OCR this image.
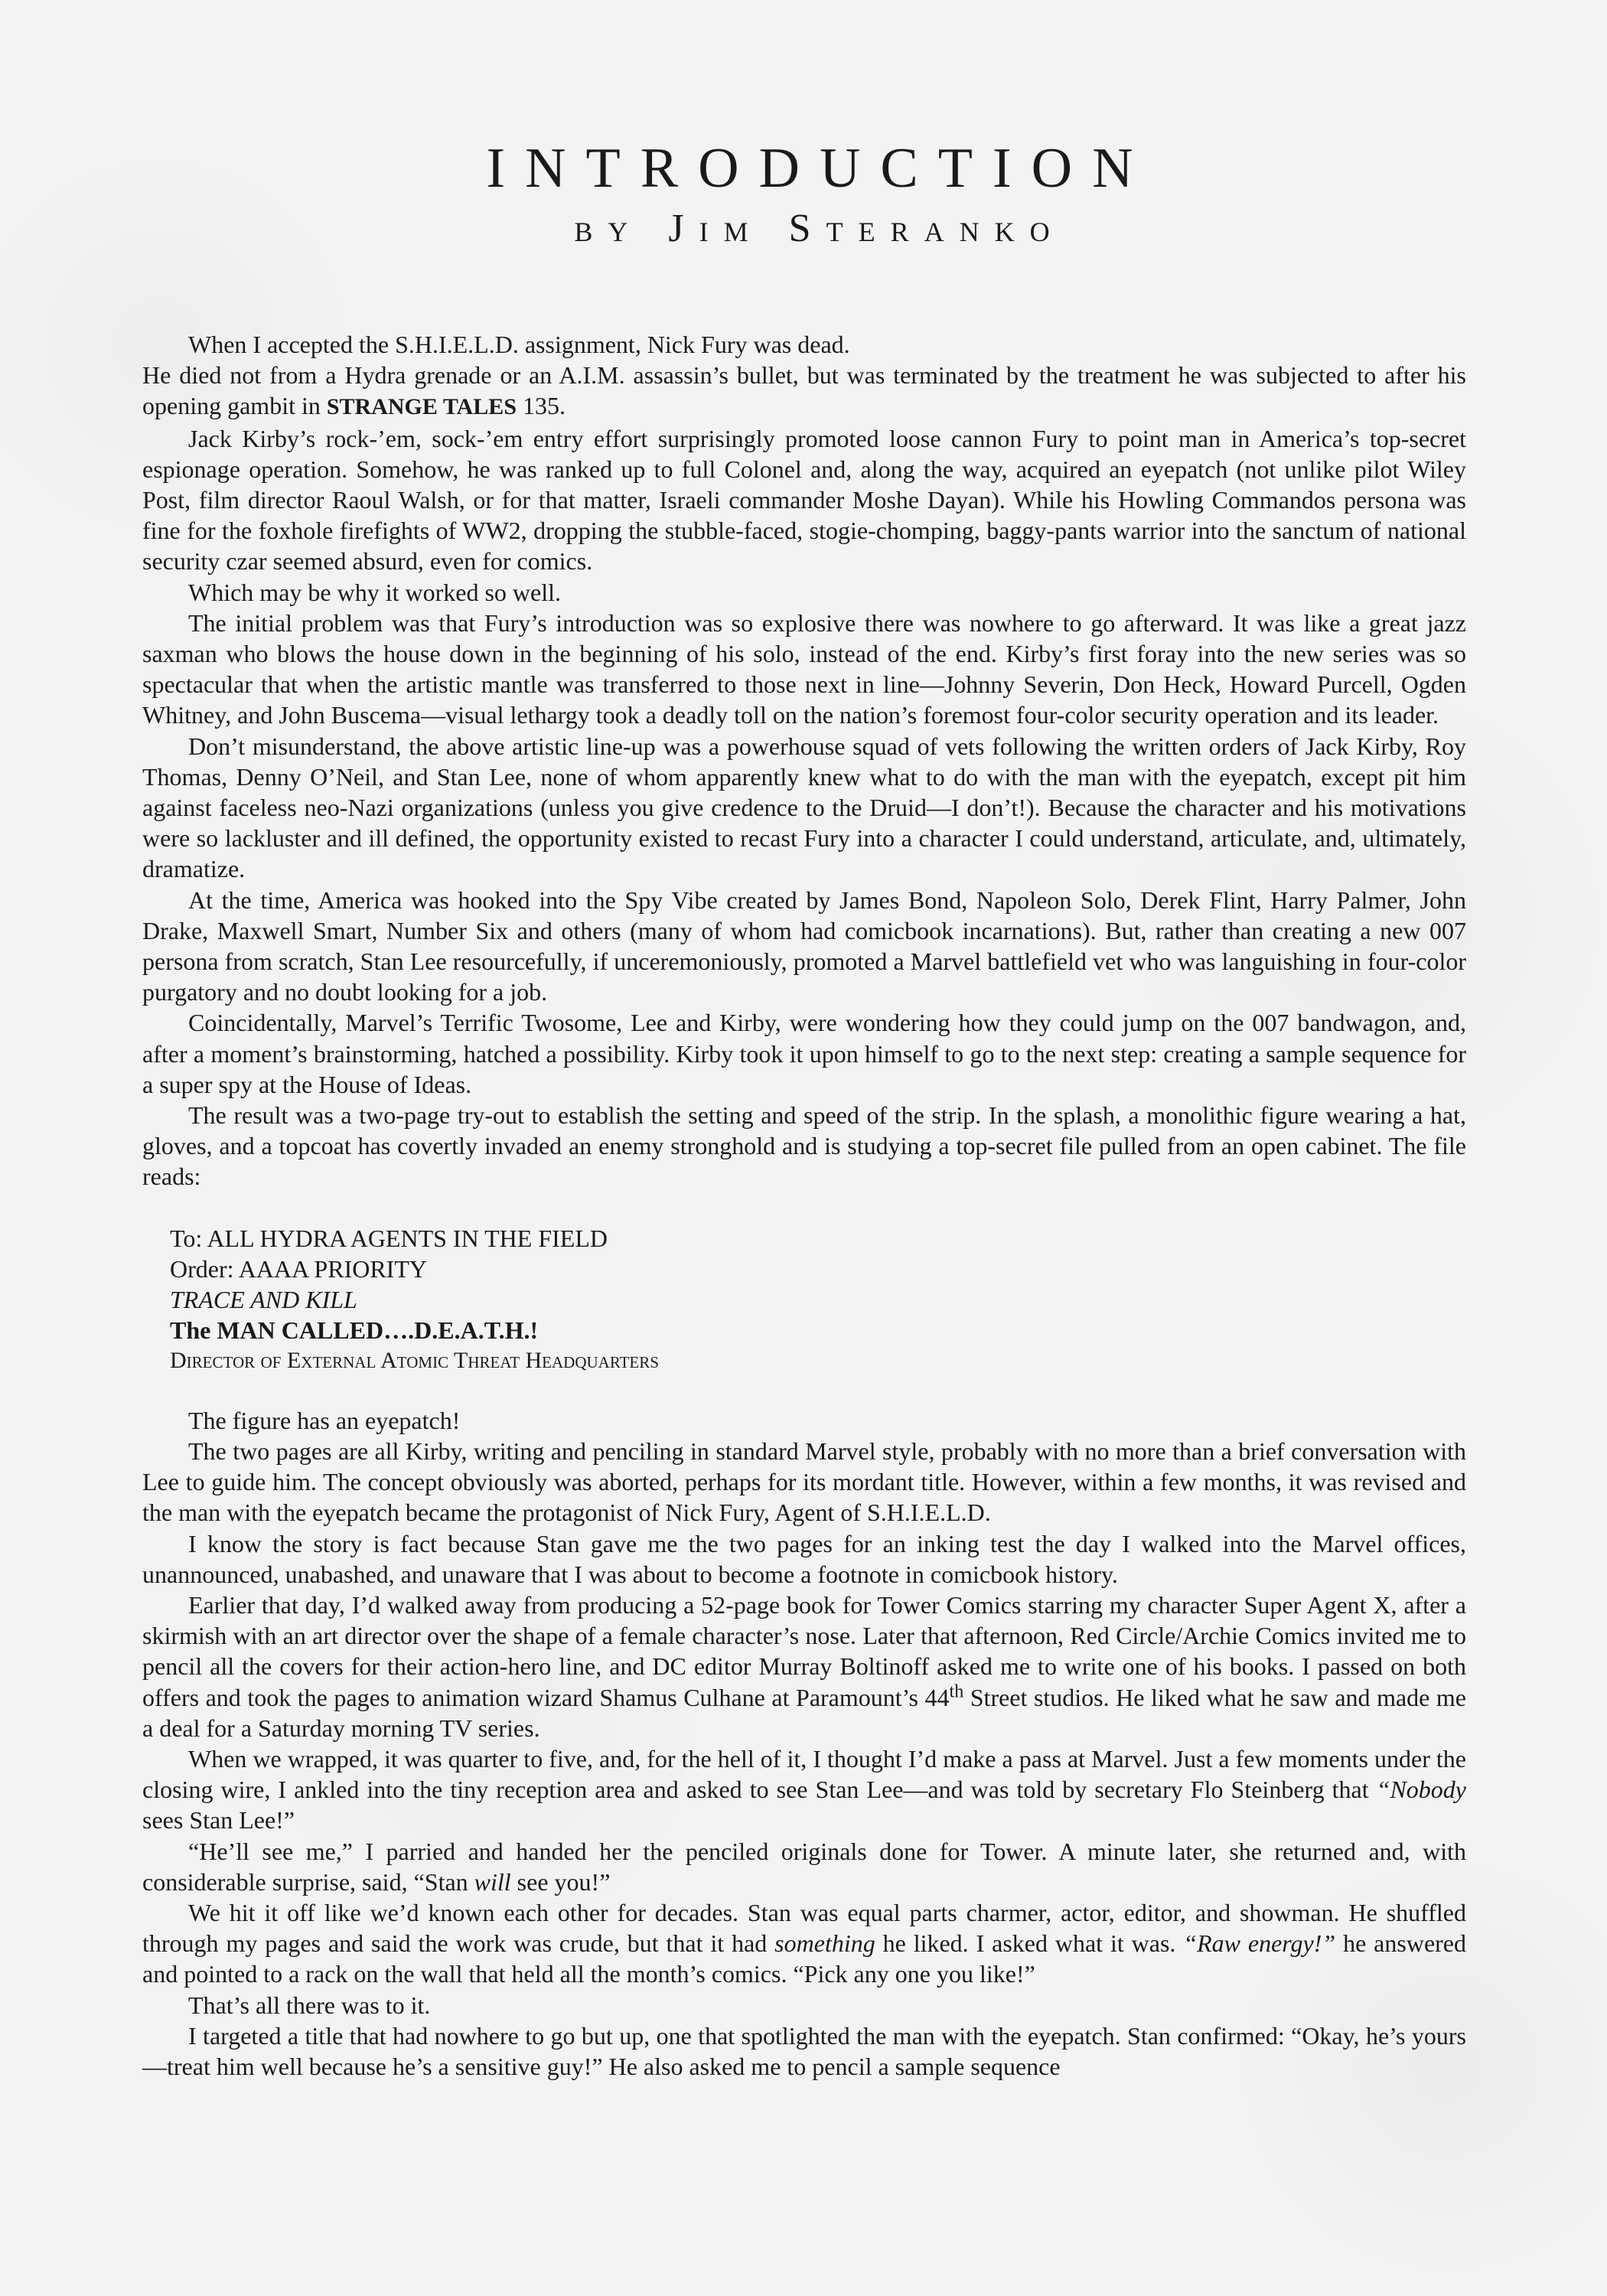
INTRODUCTION
by Jim Steranko

When I accepted the S.H.I.E.L.D. assignment, Nick Fury was dead.

He died not from a Hydra grenade or an A.I.M. assassin’s bullet, but was terminated by the treatment he was subjected to after his opening gambit in STRANGE TALES 135.

Jack Kirby’s rock-’em, sock-’em entry effort surprisingly promoted loose cannon Fury to point man in America’s top-secret espionage operation. Somehow, he was ranked up to full Colonel and, along the way, acquired an eyepatch (not unlike pilot Wiley Post, film director Raoul Walsh, or for that matter, Israeli commander Moshe Dayan). While his Howling Commandos persona was fine for the foxhole firefights of WW2, dropping the stubble-faced, stogie-chomping, baggy-pants warrior into the sanctum of national security czar seemed absurd, even for comics.

Which may be why it worked so well.

The initial problem was that Fury’s introduction was so explosive there was nowhere to go afterward. It was like a great jazz saxman who blows the house down in the beginning of his solo, instead of the end. Kirby’s first foray into the new series was so spectacular that when the artistic mantle was transferred to those next in line—Johnny Severin, Don Heck, Howard Purcell, Ogden Whitney, and John Buscema—visual lethargy took a deadly toll on the nation’s foremost four-color security operation and its leader.

Don’t misunderstand, the above artistic line-up was a powerhouse squad of vets following the written orders of Jack Kirby, Roy Thomas, Denny O’Neil, and Stan Lee, none of whom apparently knew what to do with the man with the eyepatch, except pit him against faceless neo-Nazi organizations (unless you give credence to the Druid—I don’t!). Because the character and his motivations were so lackluster and ill defined, the opportunity existed to recast Fury into a character I could understand, articulate, and, ultimately, dramatize.

At the time, America was hooked into the Spy Vibe created by James Bond, Napoleon Solo, Derek Flint, Harry Palmer, John Drake, Maxwell Smart, Number Six and others (many of whom had comicbook incarnations). But, rather than creating a new 007 persona from scratch, Stan Lee resourcefully, if unceremoniously, promoted a Marvel battlefield vet who was languishing in four-color purgatory and no doubt looking for a job.

Coincidentally, Marvel’s Terrific Twosome, Lee and Kirby, were wondering how they could jump on the 007 bandwagon, and, after a moment’s brainstorming, hatched a possibility. Kirby took it upon himself to go to the next step: creating a sample sequence for a super spy at the House of Ideas.

The result was a two-page try-out to establish the setting and speed of the strip. In the splash, a monolithic figure wearing a hat, gloves, and a topcoat has covertly invaded an enemy stronghold and is studying a top-secret file pulled from an open cabinet. The file reads:

To: ALL HYDRA AGENTS IN THE FIELD
Order: AAAA PRIORITY
TRACE AND KILL
The MAN CALLED….D.E.A.T.H.!
Director of External Atomic Threat Headquarters

The figure has an eyepatch!

The two pages are all Kirby, writing and penciling in standard Marvel style, probably with no more than a brief conversation with Lee to guide him. The concept obviously was aborted, perhaps for its mordant title. However, within a few months, it was revised and the man with the eyepatch became the protagonist of Nick Fury, Agent of S.H.I.E.L.D.

I know the story is fact because Stan gave me the two pages for an inking test the day I walked into the Marvel offices, unannounced, unabashed, and unaware that I was about to become a footnote in comicbook history.

Earlier that day, I’d walked away from producing a 52-page book for Tower Comics starring my character Super Agent X, after a skirmish with an art director over the shape of a female character’s nose. Later that afternoon, Red Circle/Archie Comics invited me to pencil all the covers for their action-hero line, and DC editor Murray Boltinoff asked me to write one of his books. I passed on both offers and took the pages to animation wizard Shamus Culhane at Paramount’s 44th Street studios. He liked what he saw and made me a deal for a Saturday morning TV series.

When we wrapped, it was quarter to five, and, for the hell of it, I thought I’d make a pass at Marvel. Just a few moments under the closing wire, I ankled into the tiny reception area and asked to see Stan Lee—and was told by secretary Flo Steinberg that “Nobody sees Stan Lee!”

“He’ll see me,” I parried and handed her the penciled originals done for Tower. A minute later, she returned and, with considerable surprise, said, “Stan will see you!”

We hit it off like we’d known each other for decades. Stan was equal parts charmer, actor, editor, and showman. He shuffled through my pages and said the work was crude, but that it had something he liked. I asked what it was. “Raw energy!” he answered and pointed to a rack on the wall that held all the month’s comics. “Pick any one you like!”

That’s all there was to it.

I targeted a title that had nowhere to go but up, one that spotlighted the man with the eyepatch. Stan confirmed: “Okay, he’s yours—treat him well because he’s a sensitive guy!” He also asked me to pencil a sample sequence
